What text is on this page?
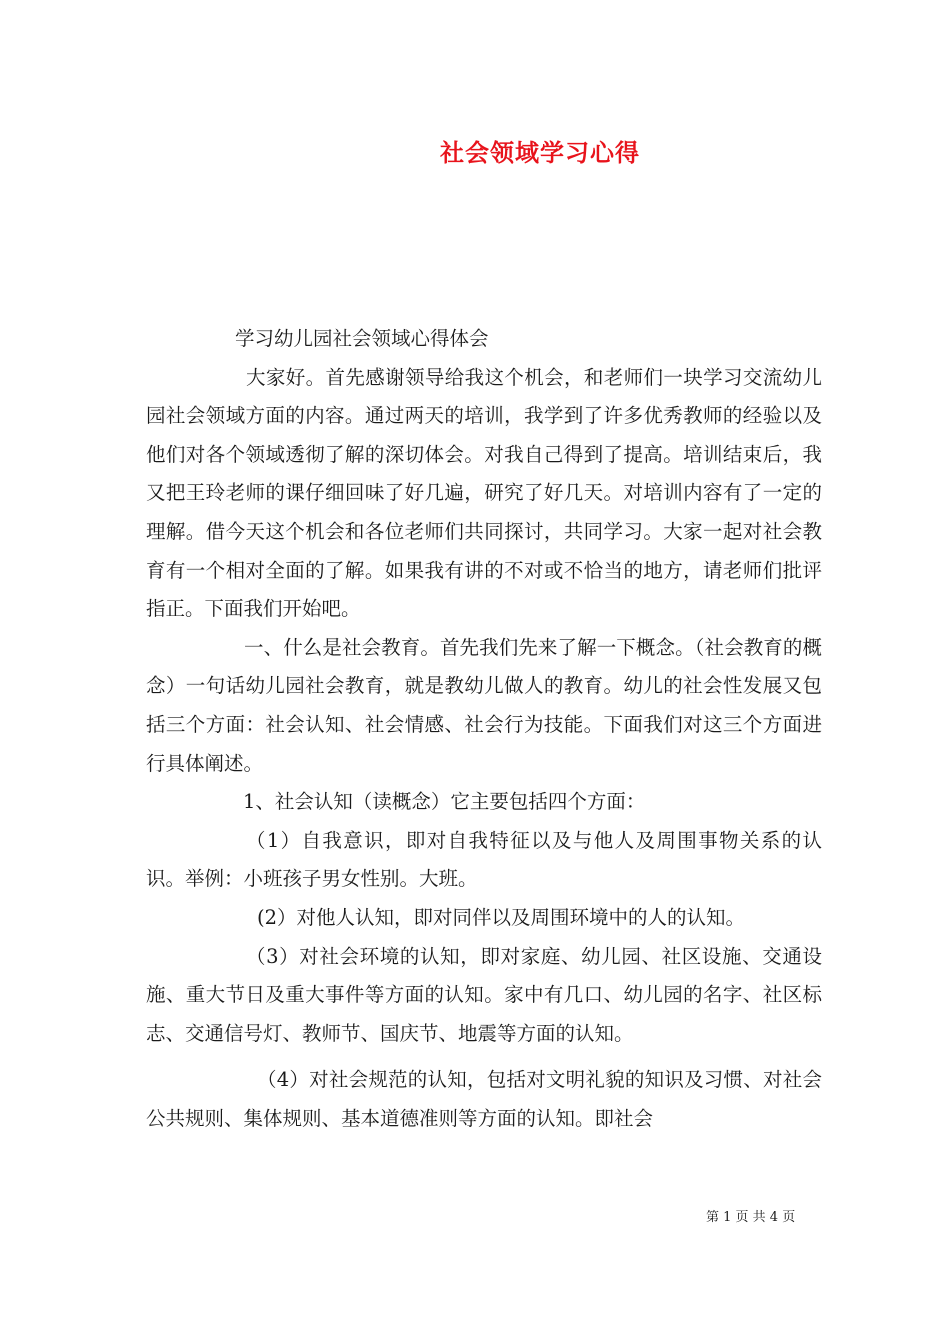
社会领域学习心得

学习幼儿园社会领域心得体会

大家好。首先感谢领导给我这个机会，和老师们一块学习交流幼儿园社会领域方面的内容。通过两天的培训，我学到了许多优秀教师的经验以及他们对各个领域透彻了解的深切体会。对我自己得到了提高。培训结束后，我又把王玲老师的课仔细回味了好几遍，研究了好几天。对培训内容有了一定的理解。借今天这个机会和各位老师们共同探讨，共同学习。大家一起对社会教育有一个相对全面的了解。如果我有讲的不对或不恰当的地方，请老师们批评指正。下面我们开始吧。

一、什么是社会教育。首先我们先来了解一下概念。（社会教育的概念）一句话幼儿园社会教育，就是教幼儿做人的教育。幼儿的社会性发展又包括三个方面：社会认知、社会情感、社会行为技能。下面我们对这三个方面进行具体阐述。

1、社会认知（读概念）它主要包括四个方面：

（1）自我意识，即对自我特征以及与他人及周围事物关系的认识。举例：小班孩子男女性别。大班。

(2）对他人认知，即对同伴以及周围环境中的人的认知。

（3）对社会环境的认知，即对家庭、幼儿园、社区设施、交通设施、重大节日及重大事件等方面的认知。家中有几口、幼儿园的名字、社区标志、交通信号灯、教师节、国庆节、地震等方面的认知。

（4）对社会规范的认知，包括对文明礼貌的知识及习惯、对社会公共规则、集体规则、基本道德准则等方面的认知。即社会

第 1 页 共 4 页
